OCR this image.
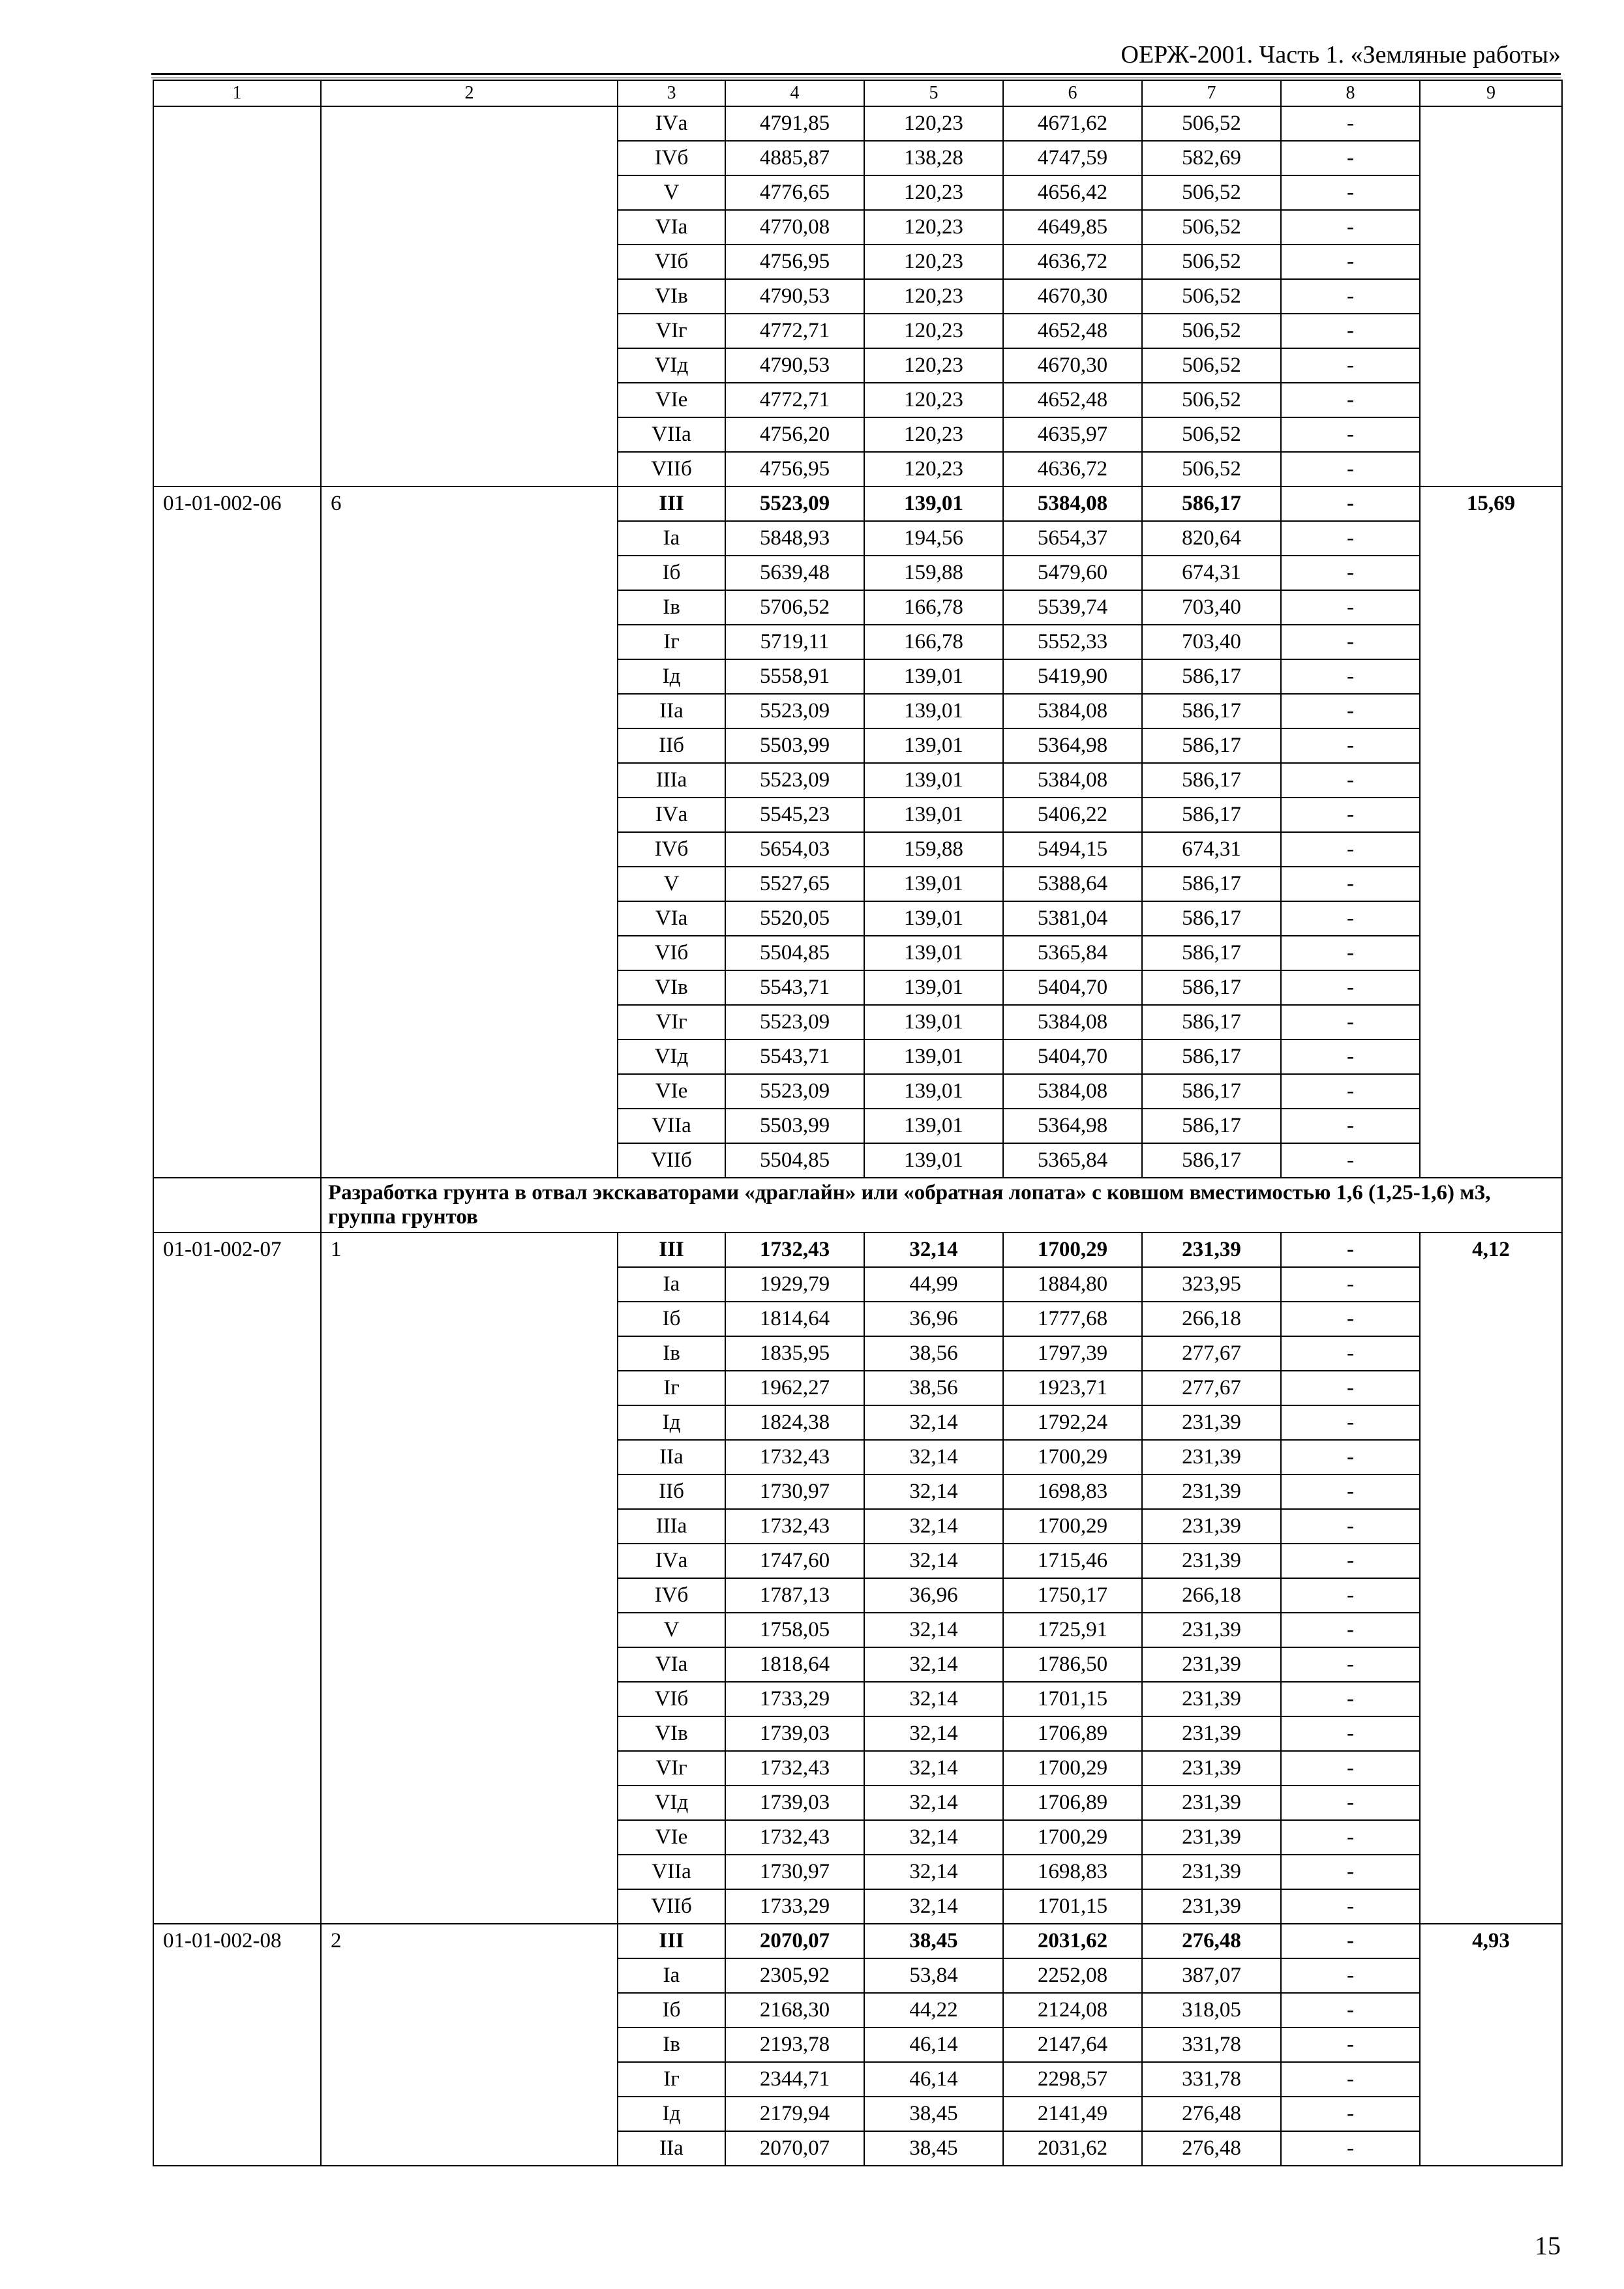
ОЕРЖ-2001. Часть 1. «Земляные работы»
1	2	3	4	5	6	7	8	9
		IVа	4791,85	120,23	4671,62	506,52	-	
		IVб	4885,87	138,28	4747,59	582,69	-	
		V	4776,65	120,23	4656,42	506,52	-	
		VIа	4770,08	120,23	4649,85	506,52	-	
		VIб	4756,95	120,23	4636,72	506,52	-	
		VIв	4790,53	120,23	4670,30	506,52	-	
		VIг	4772,71	120,23	4652,48	506,52	-	
		VIд	4790,53	120,23	4670,30	506,52	-	
		VIе	4772,71	120,23	4652,48	506,52	-	
		VIIа	4756,20	120,23	4635,97	506,52	-	
		VIIб	4756,95	120,23	4636,72	506,52	-	
01-01-002-06	6	III	5523,09	139,01	5384,08	586,17	-	15,69
		Iа	5848,93	194,56	5654,37	820,64	-	
		Iб	5639,48	159,88	5479,60	674,31	-	
		Iв	5706,52	166,78	5539,74	703,40	-	
		Iг	5719,11	166,78	5552,33	703,40	-	
		Iд	5558,91	139,01	5419,90	586,17	-	
		IIа	5523,09	139,01	5384,08	586,17	-	
		IIб	5503,99	139,01	5364,98	586,17	-	
		IIIа	5523,09	139,01	5384,08	586,17	-	
		IVа	5545,23	139,01	5406,22	586,17	-	
		IVб	5654,03	159,88	5494,15	674,31	-	
		V	5527,65	139,01	5388,64	586,17	-	
		VIа	5520,05	139,01	5381,04	586,17	-	
		VIб	5504,85	139,01	5365,84	586,17	-	
		VIв	5543,71	139,01	5404,70	586,17	-	
		VIг	5523,09	139,01	5384,08	586,17	-	
		VIд	5543,71	139,01	5404,70	586,17	-	
		VIе	5523,09	139,01	5384,08	586,17	-	
		VIIа	5503,99	139,01	5364,98	586,17	-	
		VIIб	5504,85	139,01	5365,84	586,17	-	
	Разработка грунта в отвал экскаваторами «драглайн» или «обратная лопата» с ковшом вместимостью 1,6 (1,25-1,6) м3, группа грунтов							
01-01-002-07	1	III	1732,43	32,14	1700,29	231,39	-	4,12
		Iа	1929,79	44,99	1884,80	323,95	-	
		Iб	1814,64	36,96	1777,68	266,18	-	
		Iв	1835,95	38,56	1797,39	277,67	-	
		Iг	1962,27	38,56	1923,71	277,67	-	
		Iд	1824,38	32,14	1792,24	231,39	-	
		IIа	1732,43	32,14	1700,29	231,39	-	
		IIб	1730,97	32,14	1698,83	231,39	-	
		IIIа	1732,43	32,14	1700,29	231,39	-	
		IVа	1747,60	32,14	1715,46	231,39	-	
		IVб	1787,13	36,96	1750,17	266,18	-	
		V	1758,05	32,14	1725,91	231,39	-	
		VIа	1818,64	32,14	1786,50	231,39	-	
		VIб	1733,29	32,14	1701,15	231,39	-	
		VIв	1739,03	32,14	1706,89	231,39	-	
		VIг	1732,43	32,14	1700,29	231,39	-	
		VIд	1739,03	32,14	1706,89	231,39	-	
		VIе	1732,43	32,14	1700,29	231,39	-	
		VIIа	1730,97	32,14	1698,83	231,39	-	
		VIIб	1733,29	32,14	1701,15	231,39	-	
01-01-002-08	2	III	2070,07	38,45	2031,62	276,48	-	4,93
		Iа	2305,92	53,84	2252,08	387,07	-	
		Iб	2168,30	44,22	2124,08	318,05	-	
		Iв	2193,78	46,14	2147,64	331,78	-	
		Iг	2344,71	46,14	2298,57	331,78	-	
		Iд	2179,94	38,45	2141,49	276,48	-	
		IIа	2070,07	38,45	2031,62	276,48	-	
15
